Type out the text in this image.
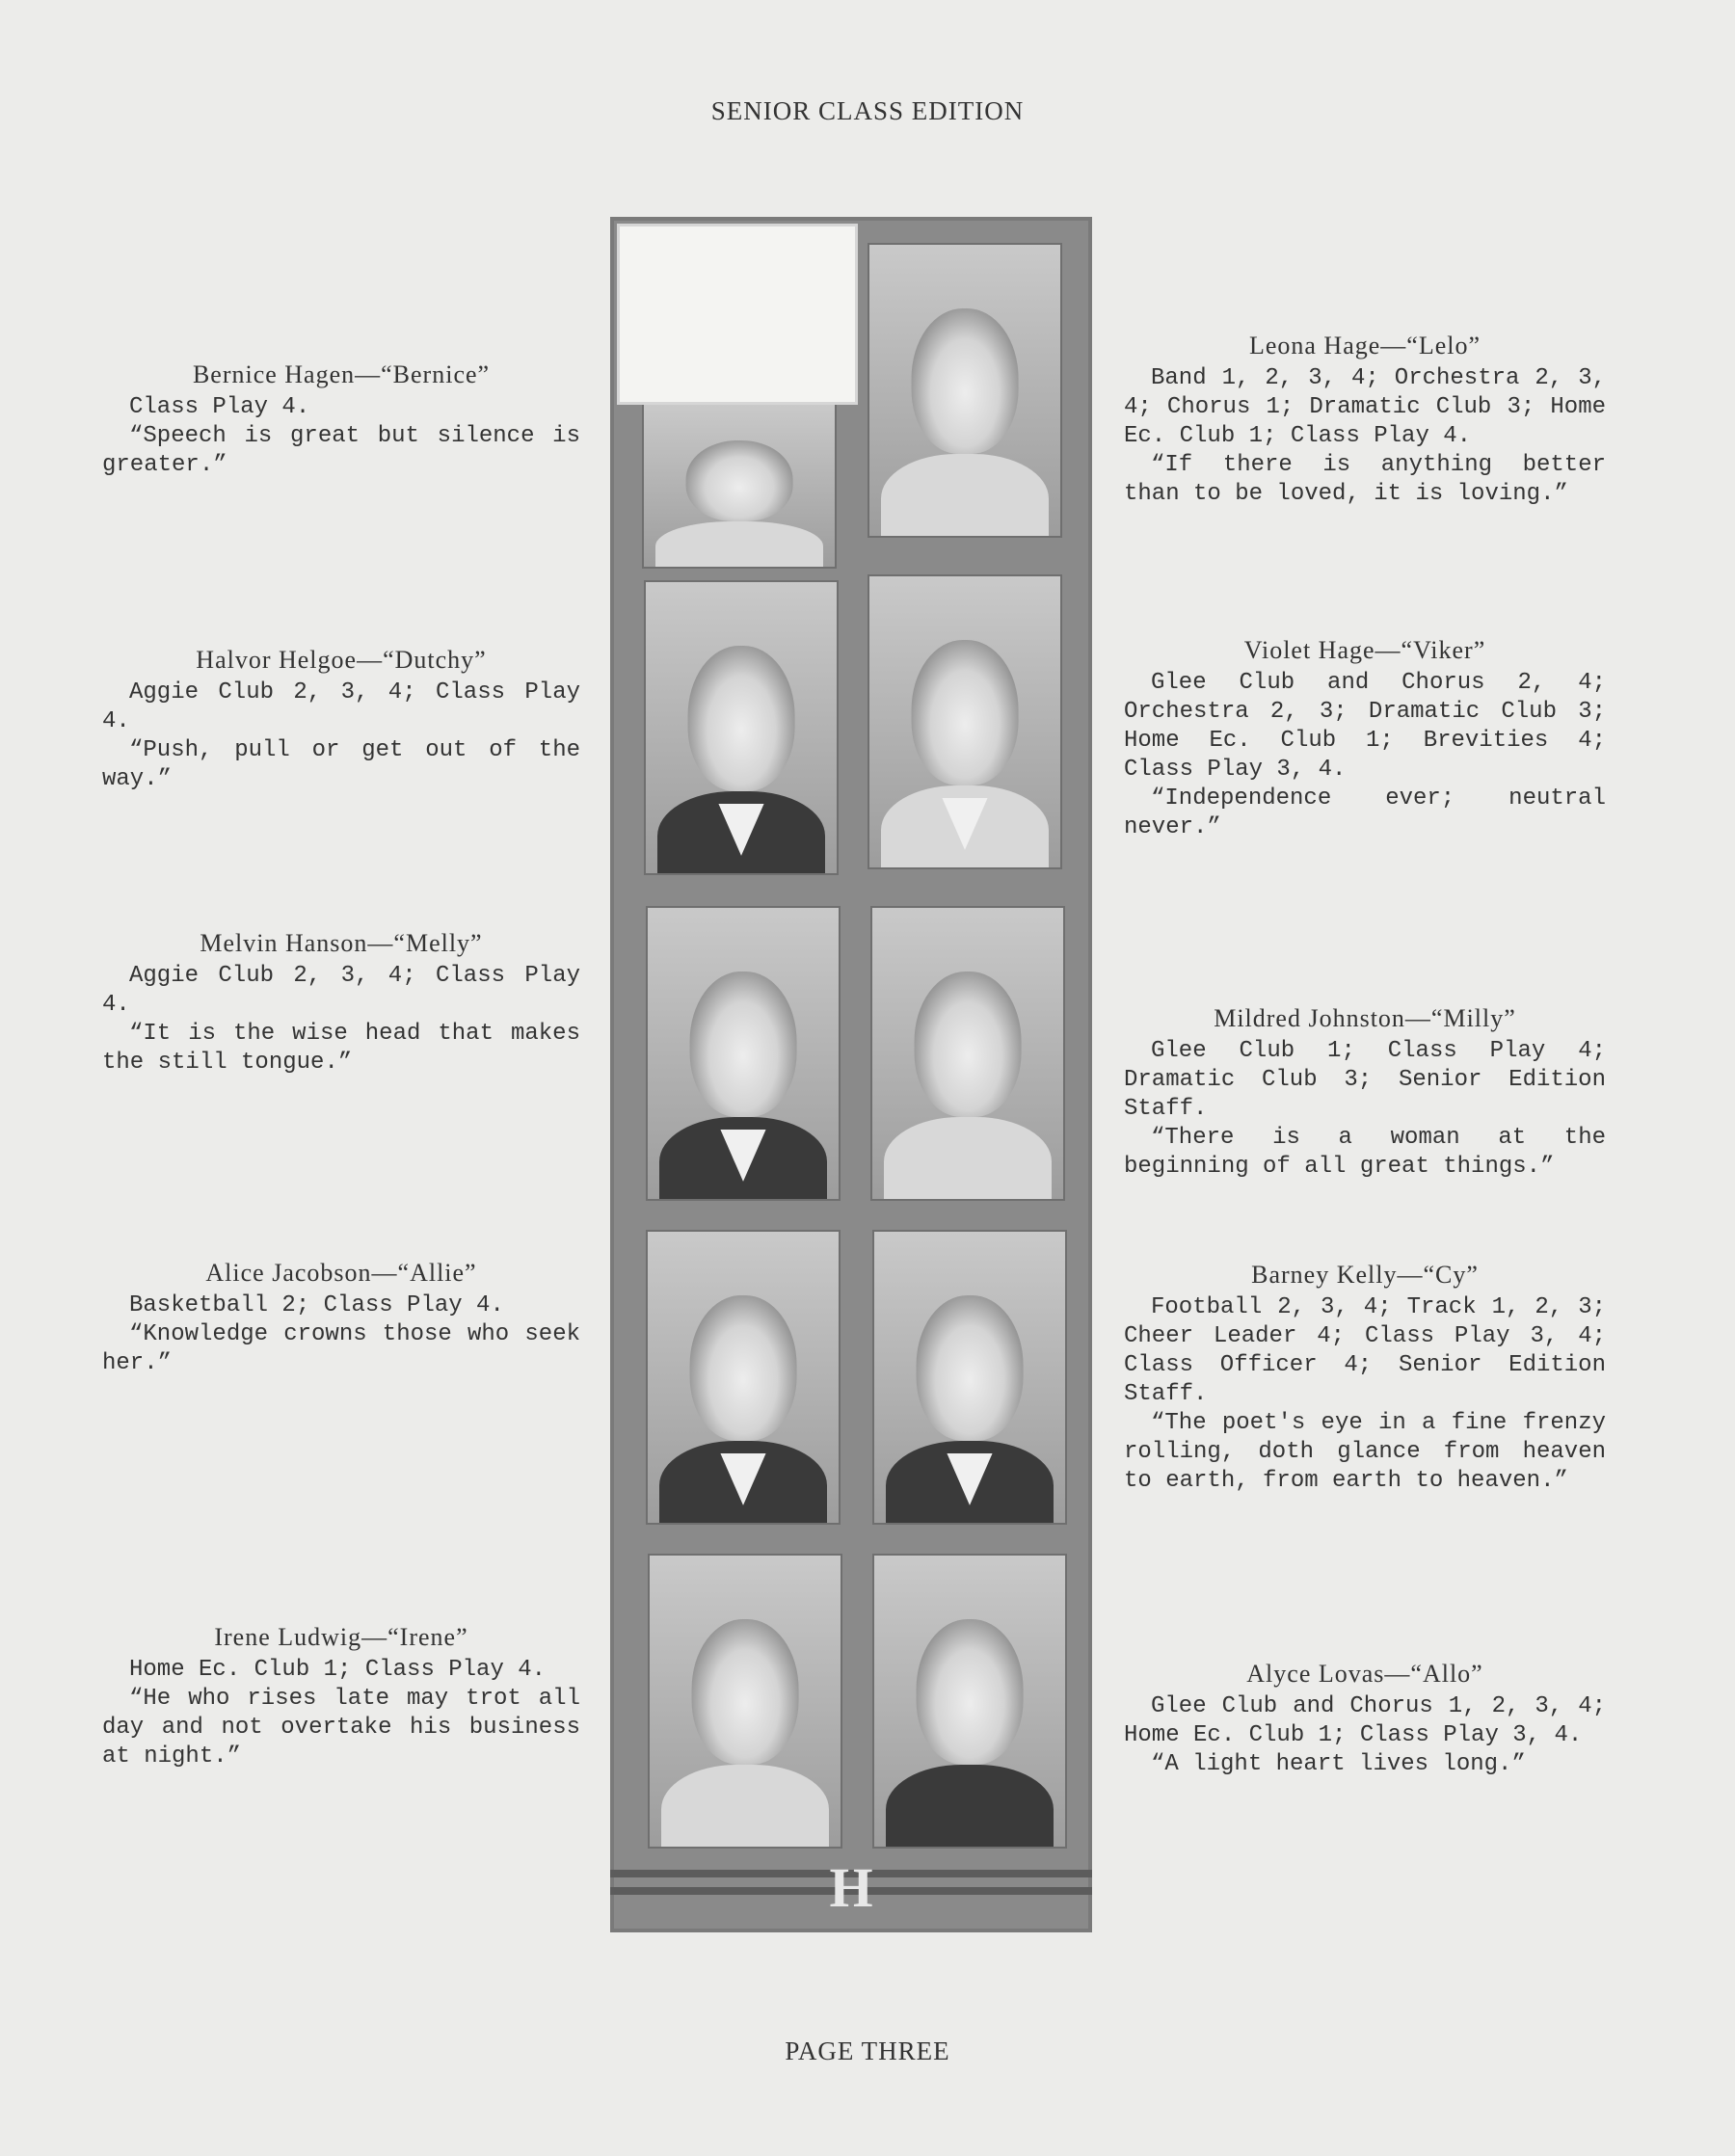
SENIOR CLASS EDITION
Bernice Hagen—“Bernice”
Class Play 4.
“Speech is great but silence is greater.”
Halvor Helgoe—“Dutchy”
Aggie Club 2, 3, 4; Class Play 4.
“Push, pull or get out of the way.”
Melvin Hanson—“Melly”
Aggie Club 2, 3, 4; Class Play 4.
“It is the wise head that makes the still tongue.”
Alice Jacobson—“Allie”
Basketball 2; Class Play 4.
“Knowledge crowns those who seek her.”
Irene Ludwig—“Irene”
Home Ec. Club 1; Class Play 4.
“He who rises late may trot all day and not overtake his business at night.”
H
Leona Hage—“Lelo”
Band 1, 2, 3, 4; Orchestra 2, 3, 4; Chorus 1; Dramatic Club 3; Home Ec. Club 1; Class Play 4.
“If there is anything better than to be loved, it is loving.”
Violet Hage—“Viker”
Glee Club and Chorus 2, 4; Orchestra 2, 3; Dramatic Club 3; Home Ec. Club 1; Brevities 4; Class Play 3, 4.
“Independence ever; neutral never.”
Mildred Johnston—“Milly”
Glee Club 1; Class Play 4; Dramatic Club 3; Senior Edition Staff.
“There is a woman at the beginning of all great things.”
Barney Kelly—“Cy”
Football 2, 3, 4; Track 1, 2, 3; Cheer Leader 4; Class Play 3, 4; Class Officer 4; Senior Edition Staff.
“The poet's eye in a fine frenzy rolling, doth glance from heaven to earth, from earth to heaven.”
Alyce Lovas—“Allo”
Glee Club and Chorus 1, 2, 3, 4; Home Ec. Club 1; Class Play 3, 4.
“A light heart lives long.”
PAGE THREE
